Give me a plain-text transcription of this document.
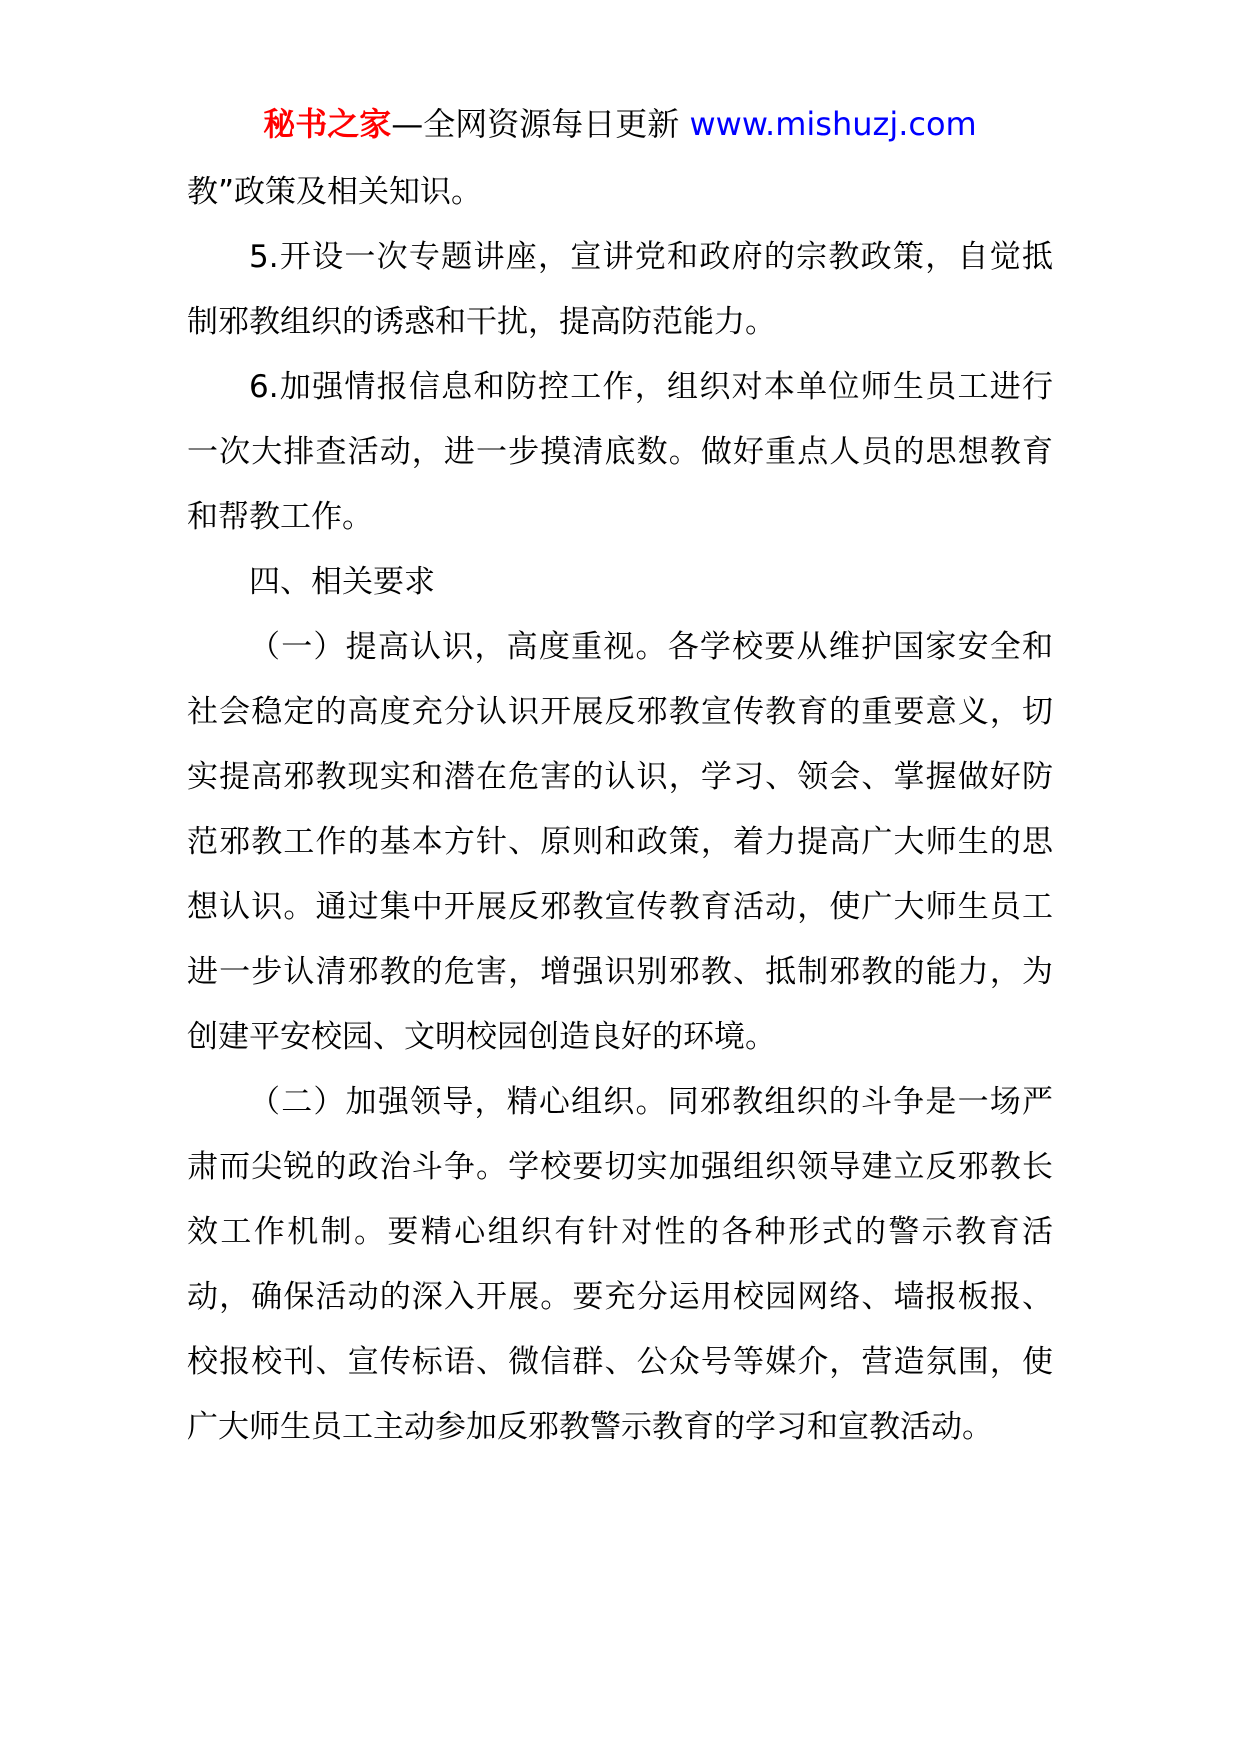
秘书之家—全网资源每日更新 www.mishuzj.com

教”政策及相关知识。

5.开设一次专题讲座，宣讲党和政府的宗教政策，自觉抵制邪教组织的诱惑和干扰，提高防范能力。

6.加强情报信息和防控工作，组织对本单位师生员工进行一次大排查活动，进一步摸清底数。做好重点人员的思想教育和帮教工作。

四、相关要求

（一）提高认识，高度重视。各学校要从维护国家安全和社会稳定的高度充分认识开展反邪教宣传教育的重要意义，切实提高邪教现实和潜在危害的认识，学习、领会、掌握做好防范邪教工作的基本方针、原则和政策，着力提高广大师生的思想认识。通过集中开展反邪教宣传教育活动，使广大师生员工进一步认清邪教的危害，增强识别邪教、抵制邪教的能力，为创建平安校园、文明校园创造良好的环境。

（二）加强领导，精心组织。同邪教组织的斗争是一场严肃而尖锐的政治斗争。学校要切实加强组织领导建立反邪教长效工作机制。要精心组织有针对性的各种形式的警示教育活动，确保活动的深入开展。要充分运用校园网络、墙报板报、校报校刊、宣传标语、微信群、公众号等媒介，营造氛围，使广大师生员工主动参加反邪教警示教育的学习和宣教活动。
